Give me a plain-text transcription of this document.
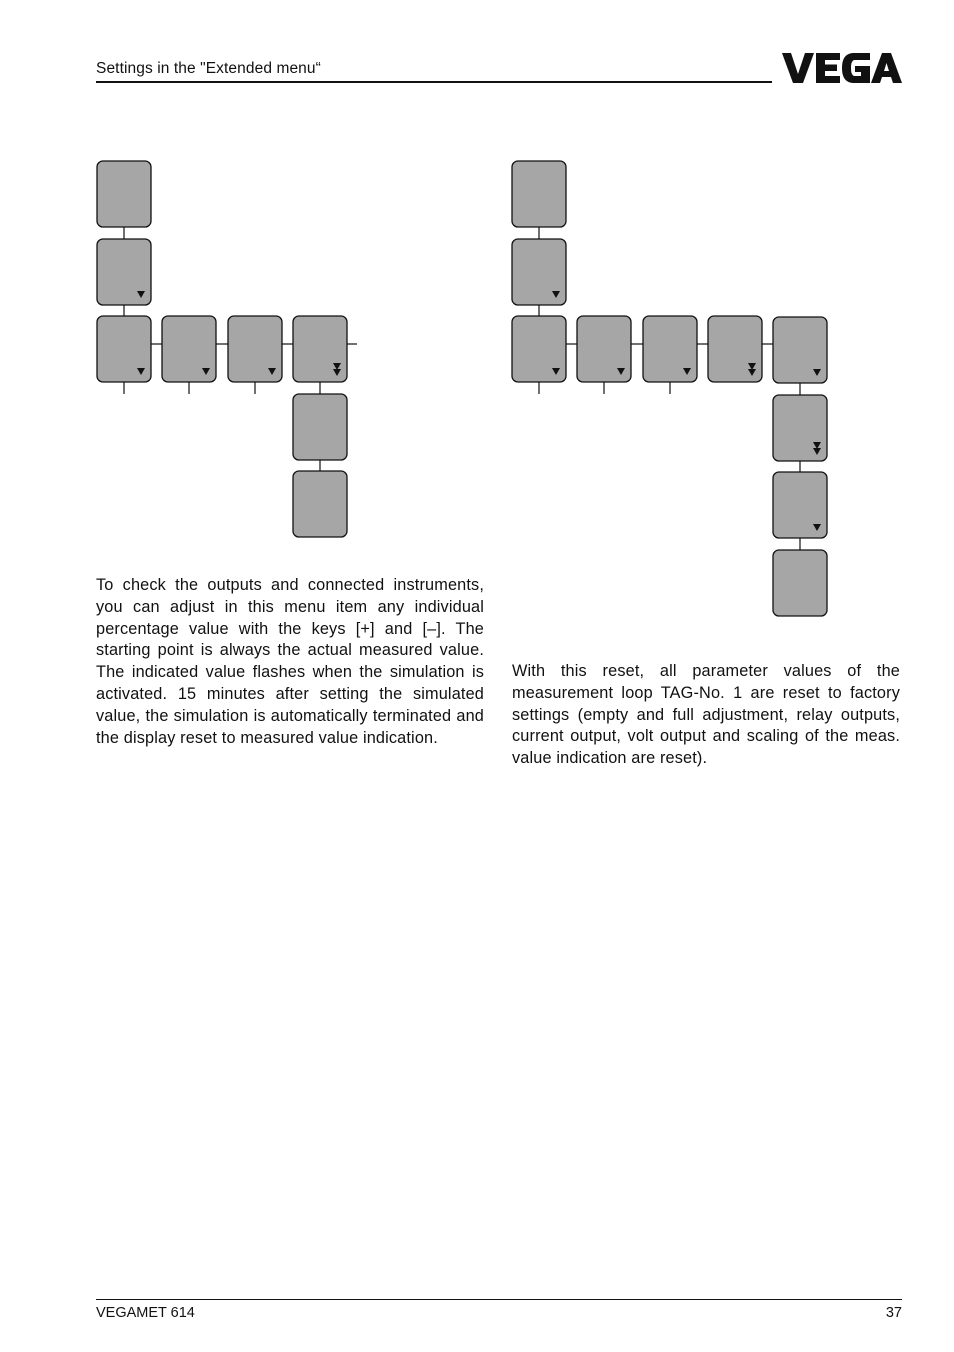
Settings in the "Extended menu“
To check the outputs and connected instruments, you can adjust in this menu item any individual percentage value with the keys [+] and [–]. The starting point is always the actual measured value. The indicated value flashes when the simulation is activated. 15 minutes after setting the simulated value, the simulation is automatically terminated and the display reset to measured value indication.
With this reset, all parameter values of the measurement loop TAG-No. 1 are reset to factory settings (empty and full adjustment, relay outputs, current output, volt output and scaling of the meas. value indication are reset).
VEGAMET 614	37
